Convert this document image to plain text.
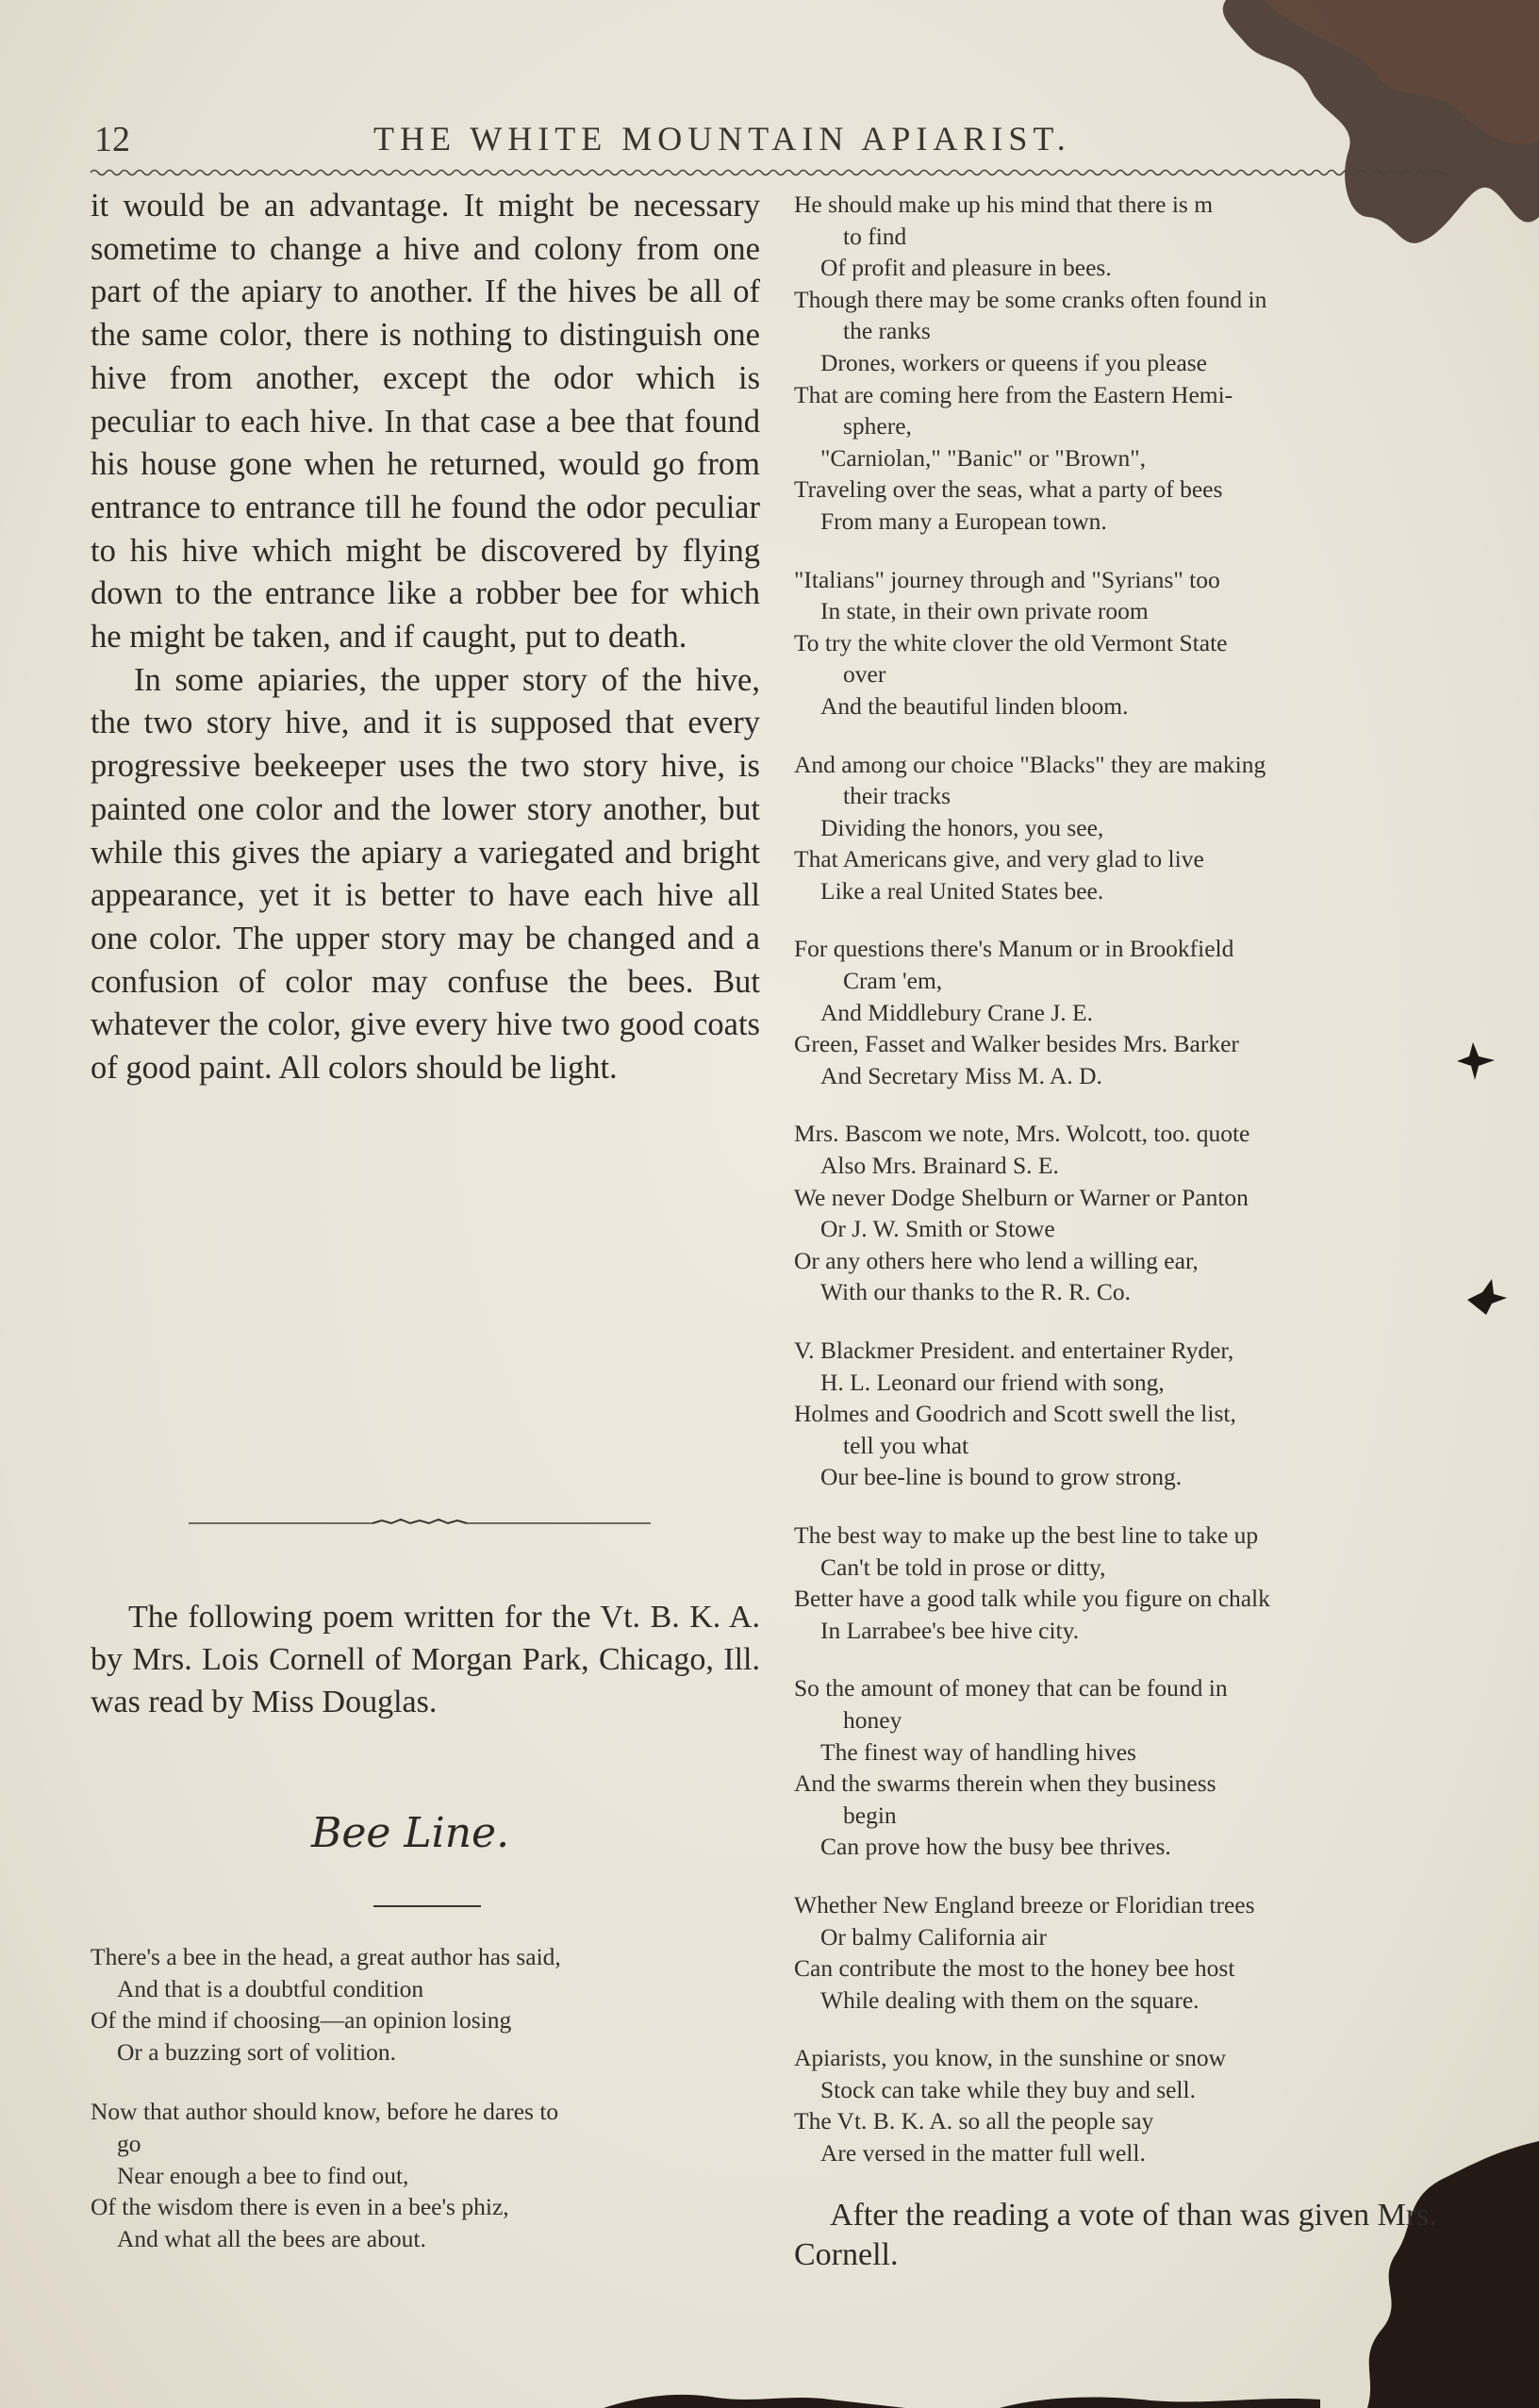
12	THE WHITE MOUNTAIN APIARIST.

it would be an advantage. It might be necessary sometime to change a hive and colony from one part of the apiary to another. If the hives be all of the same color, there is nothing to distinguish one hive from another, except the odor which is peculiar to each hive. In that case a bee that found his house gone when he returned, would go from entrance to entrance till he found the odor peculiar to his hive which might be discovered by flying down to the entrance like a robber bee for which he might be taken, and if caught, put to death.

In some apiaries, the upper story of the hive, the two story hive, and it is supposed that every progressive beekeeper uses the two story hive, is painted one color and the lower story another, but while this gives the apiary a variegated and bright appearance, yet it is better to have each hive all one color. The upper story may be changed and a confusion of color may confuse the bees. But whatever the color, give every hive two good coats of good paint. All colors should be light.

The following poem written for the Vt. B. K. A. by Mrs. Lois Cornell of Morgan Park, Chicago, Ill. was read by Miss Douglas.

Bee Line.
There's a bee in the head, a great author has said,
And that is a doubtful condition
Of the mind if choosing—an opinion losing
Or a buzzing sort of volition.
Now that author should know, before he dares to
go
Near enough a bee to find out,
Of the wisdom there is even in a bee's phiz,
And what all the bees are about.
He should make up his mind that there is m
to find
Of profit and pleasure in bees.
Though there may be some cranks often found in
the ranks
Drones, workers or queens if you please
That are coming here from the Eastern Hemi-
sphere,
"Carniolan," "Banic" or "Brown",
Traveling over the seas, what a party of bees
From many a European town.
"Italians" journey through and "Syrians" too
In state, in their own private room
To try the white clover the old Vermont State
over
And the beautiful linden bloom.
And among our choice "Blacks" they are making
their tracks
Dividing the honors, you see,
That Americans give, and very glad to live
Like a real United States bee.
For questions there's Manum or in Brookfield
Cram 'em,
And Middlebury Crane J. E.
Green, Fasset and Walker besides Mrs. Barker
And Secretary Miss M. A. D.
Mrs. Bascom we note, Mrs. Wolcott, too. quote
Also Mrs. Brainard S. E.
We never Dodge Shelburn or Warner or Panton
Or J. W. Smith or Stowe
Or any others here who lend a willing ear,
With our thanks to the R. R. Co.
V. Blackmer President. and entertainer Ryder,
H. L. Leonard our friend with song,
Holmes and Goodrich and Scott swell the list,
tell you what
Our bee-line is bound to grow strong.
The best way to make up the best line to take up
Can't be told in prose or ditty,
Better have a good talk while you figure on chalk
In Larrabee's bee hive city.
So the amount of money that can be found in
honey
The finest way of handling hives
And the swarms therein when they business
begin
Can prove how the busy bee thrives.
Whether New England breeze or Floridian trees
Or balmy California air
Can contribute the most to the honey bee host
While dealing with them on the square.
Apiarists, you know, in the sunshine or snow
Stock can take while they buy and sell.
The Vt. B. K. A. so all the people say
Are versed in the matter full well.

After the reading a vote of than was given Mrs. Cornell.
